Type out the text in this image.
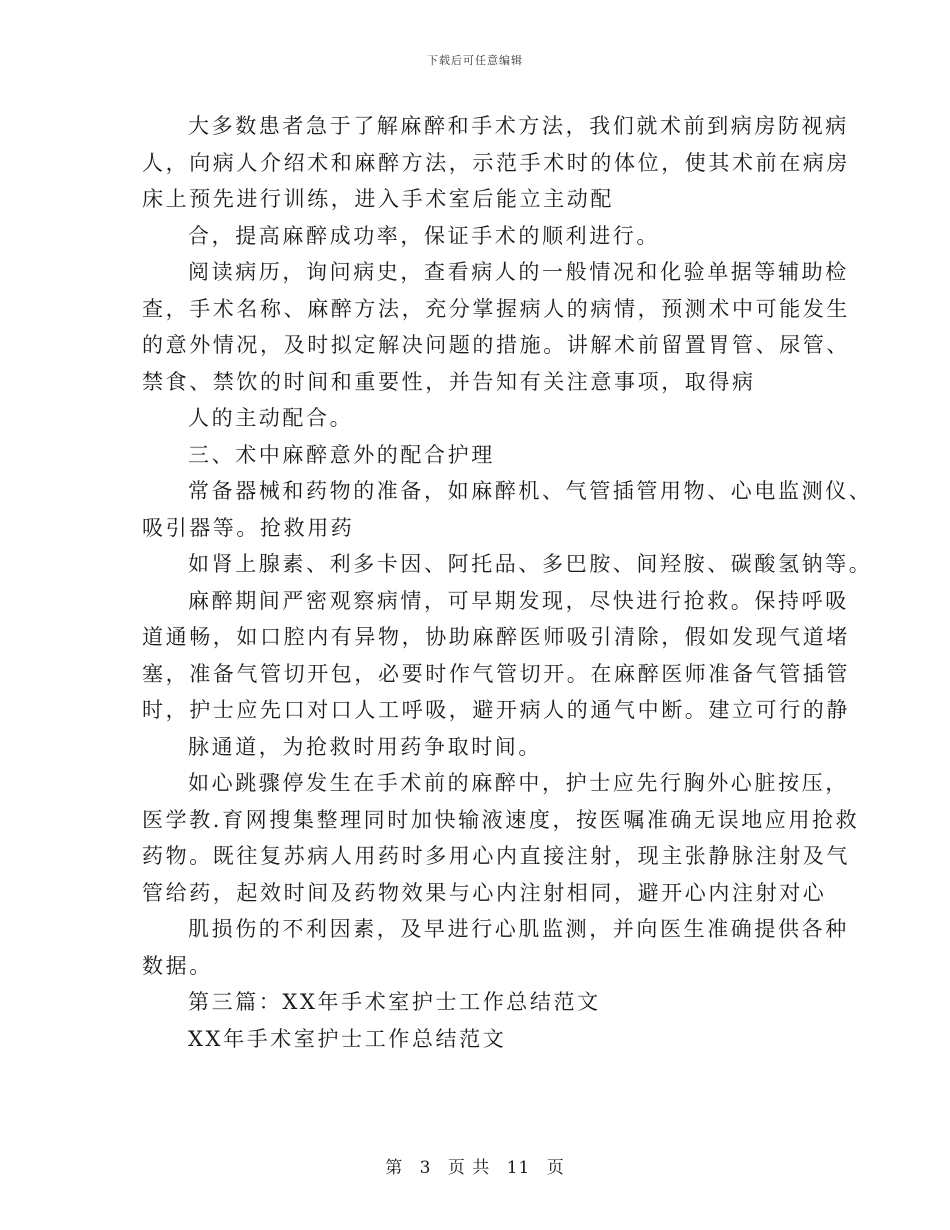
下载后可任意编辑
大多数患者急于了解麻醉和手术方法，我们就术前到病房防视病
人，向病人介绍术和麻醉方法，示范手术时的体位，使其术前在病房
床上预先进行训练，进入手术室后能立主动配
合，提高麻醉成功率，保证手术的顺利进行。
阅读病历，询问病史，查看病人的一般情况和化验单据等辅助检
查，手术名称、麻醉方法，充分掌握病人的病情，预测术中可能发生
的意外情况，及时拟定解决问题的措施。讲解术前留置胃管、尿管、
禁食、禁饮的时间和重要性，并告知有关注意事项，取得病
人的主动配合。
三、术中麻醉意外的配合护理
常备器械和药物的准备，如麻醉机、气管插管用物、心电监测仪、
吸引器等。抢救用药
如肾上腺素、利多卡因、阿托品、多巴胺、间羟胺、碳酸氢钠等。
麻醉期间严密观察病情，可早期发现，尽快进行抢救。保持呼吸
道通畅，如口腔内有异物，协助麻醉医师吸引清除，假如发现气道堵
塞，准备气管切开包，必要时作气管切开。在麻醉医师准备气管插管
时，护士应先口对口人工呼吸，避开病人的通气中断。建立可行的静
脉通道，为抢救时用药争取时间。
如心跳骤停发生在手术前的麻醉中，护士应先行胸外心脏按压，
医学教.育网搜集整理同时加快输液速度，按医嘱准确无误地应用抢救
药物。既往复苏病人用药时多用心内直接注射，现主张静脉注射及气
管给药，起效时间及药物效果与心内注射相同，避开心内注射对心
肌损伤的不利因素，及早进行心肌监测，并向医生准确提供各种
数据。
第三篇：XX年手术室护士工作总结范文
XX年手术室护士工作总结范文
第 3 页 共 11 页
